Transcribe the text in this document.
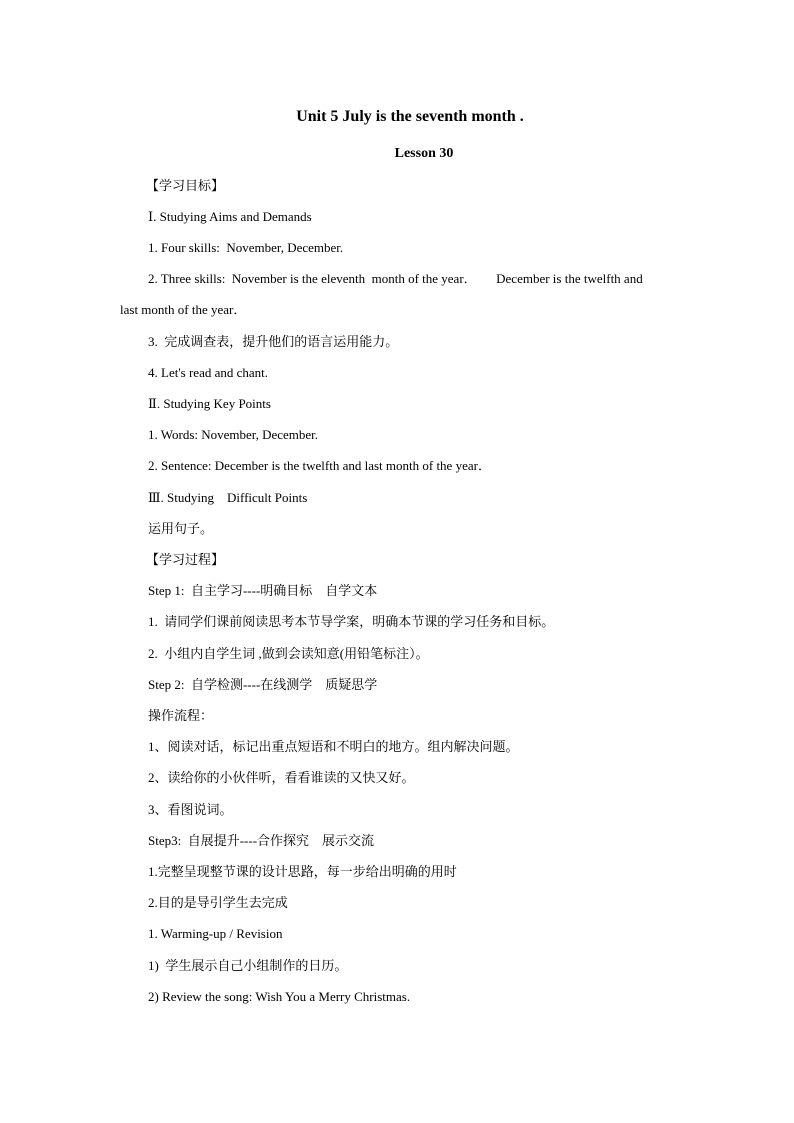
Unit 5 July is the seventh month .
Lesson 30
【学习目标】
Ⅰ. Studying Aims and Demands
1. Four skills:  November, December.
2. Three skills:  November is the eleventh  month of the year．      December is the twelfth and
last month of the year．
3.  完成调查表，提升他们的语言运用能力。
4. Let's read and chant.
Ⅱ. Studying Key Points
1. Words: November, December.
2. Sentence: December is the twelfth and last month of the year．
Ⅲ. Studying    Difficult Points
运用句子。
【学习过程】
Step 1:  自主学习----明确目标    自学文本
1.  请同学们课前阅读思考本节导学案，明确本节课的学习任务和目标。
2.  小组内自学生词 ,做到会读知意(用铅笔标注）。
Step 2:  自学检测----在线测学    质疑思学
操作流程：
1、阅读对话，标记出重点短语和不明白的地方。组内解决问题。
2、读给你的小伙伴听，看看谁读的又快又好。
3、看图说词。
Step3:  自展提升----合作探究    展示交流
1.完整呈现整节课的设计思路，每一步给出明确的用时
2.目的是导引学生去完成
1. Warming-up / Revision
1)  学生展示自己小组制作的日历。
2) Review the song: Wish You a Merry Christmas.
